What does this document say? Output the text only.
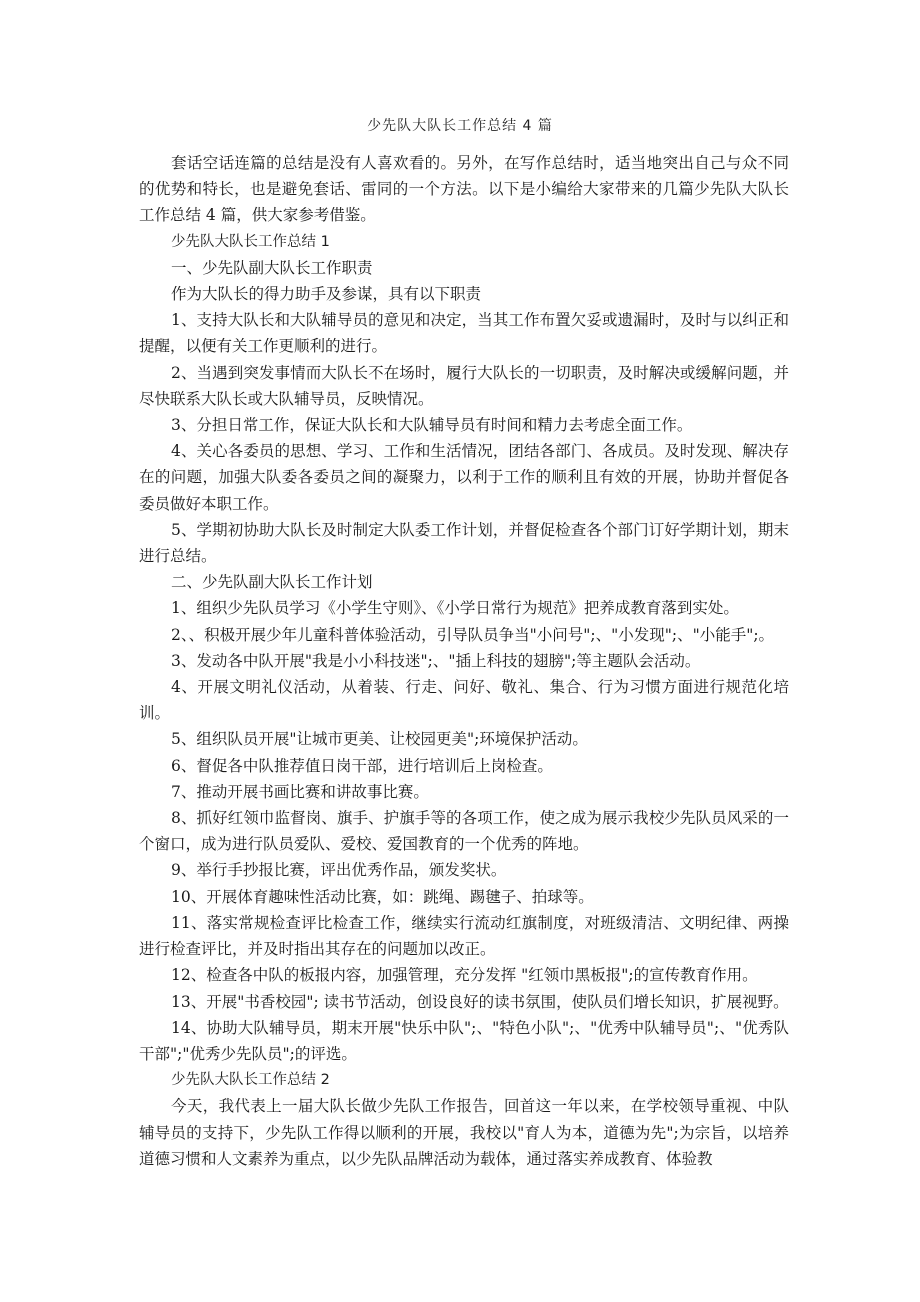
少先队大队长工作总结 4 篇

套话空话连篇的总结是没有人喜欢看的。另外，在写作总结时，适当地突出自己与众不同的优势和特长，也是避免套话、雷同的一个方法。以下是小编给大家带来的几篇少先队大队长工作总结 4 篇，供大家参考借鉴。

少先队大队长工作总结 1

一、少先队副大队长工作职责

作为大队长的得力助手及参谋，具有以下职责

1、支持大队长和大队辅导员的意见和决定，当其工作布置欠妥或遗漏时，及时与以纠正和提醒，以便有关工作更顺利的进行。

2、当遇到突发事情而大队长不在场时，履行大队长的一切职责，及时解决或缓解问题，并尽快联系大队长或大队辅导员，反映情况。

3、分担日常工作，保证大队长和大队辅导员有时间和精力去考虑全面工作。

4、关心各委员的思想、学习、工作和生活情况，团结各部门、各成员。及时发现、解决存在的问题，加强大队委各委员之间的凝聚力，以利于工作的顺利且有效的开展，协助并督促各委员做好本职工作。

5、学期初协助大队长及时制定大队委工作计划，并督促检查各个部门订好学期计划，期末进行总结。

二、少先队副大队长工作计划

1、组织少先队员学习《小学生守则》、《小学日常行为规范》把养成教育落到实处。

2、、积极开展少年儿童科普体验活动，引导队员争当"小问号";、"小发现";、"小能手";。

3、发动各中队开展"我是小小科技迷";、"插上科技的翅膀";等主题队会活动。

4、开展文明礼仪活动，从着装、行走、问好、敬礼、集合、行为习惯方面进行规范化培训。

5、组织队员开展"让城市更美、让校园更美";环境保护活动。

6、督促各中队推荐值日岗干部，进行培训后上岗检查。

7、推动开展书画比赛和讲故事比赛。

8、抓好红领巾监督岗、旗手、护旗手等的各项工作，使之成为展示我校少先队员风采的一个窗口，成为进行队员爱队、爱校、爱国教育的一个优秀的阵地。

9、举行手抄报比赛，评出优秀作品，颁发奖状。

10、开展体育趣味性活动比赛，如：跳绳、踢毽子、拍球等。

11、落实常规检查评比检查工作，继续实行流动红旗制度，对班级清洁、文明纪律、两操进行检查评比，并及时指出其存在的问题加以改正。

12、检查各中队的板报内容，加强管理，充分发挥 "红领巾黑板报";的宣传教育作用。

13、开展"书香校园"; 读书节活动，创设良好的读书氛围，使队员们增长知识，扩展视野。

14、协助大队辅导员，期末开展"快乐中队";、"特色小队";、"优秀中队辅导员";、"优秀队干部";"优秀少先队员";的评选。

少先队大队长工作总结 2

今天，我代表上一届大队长做少先队工作报告，回首这一年以来，在学校领导重视、中队辅导员的支持下，少先队工作得以顺利的开展，我校以"育人为本，道德为先";为宗旨，以培养道德习惯和人文素养为重点，以少先队品牌活动为载体，通过落实养成教育、体验教
